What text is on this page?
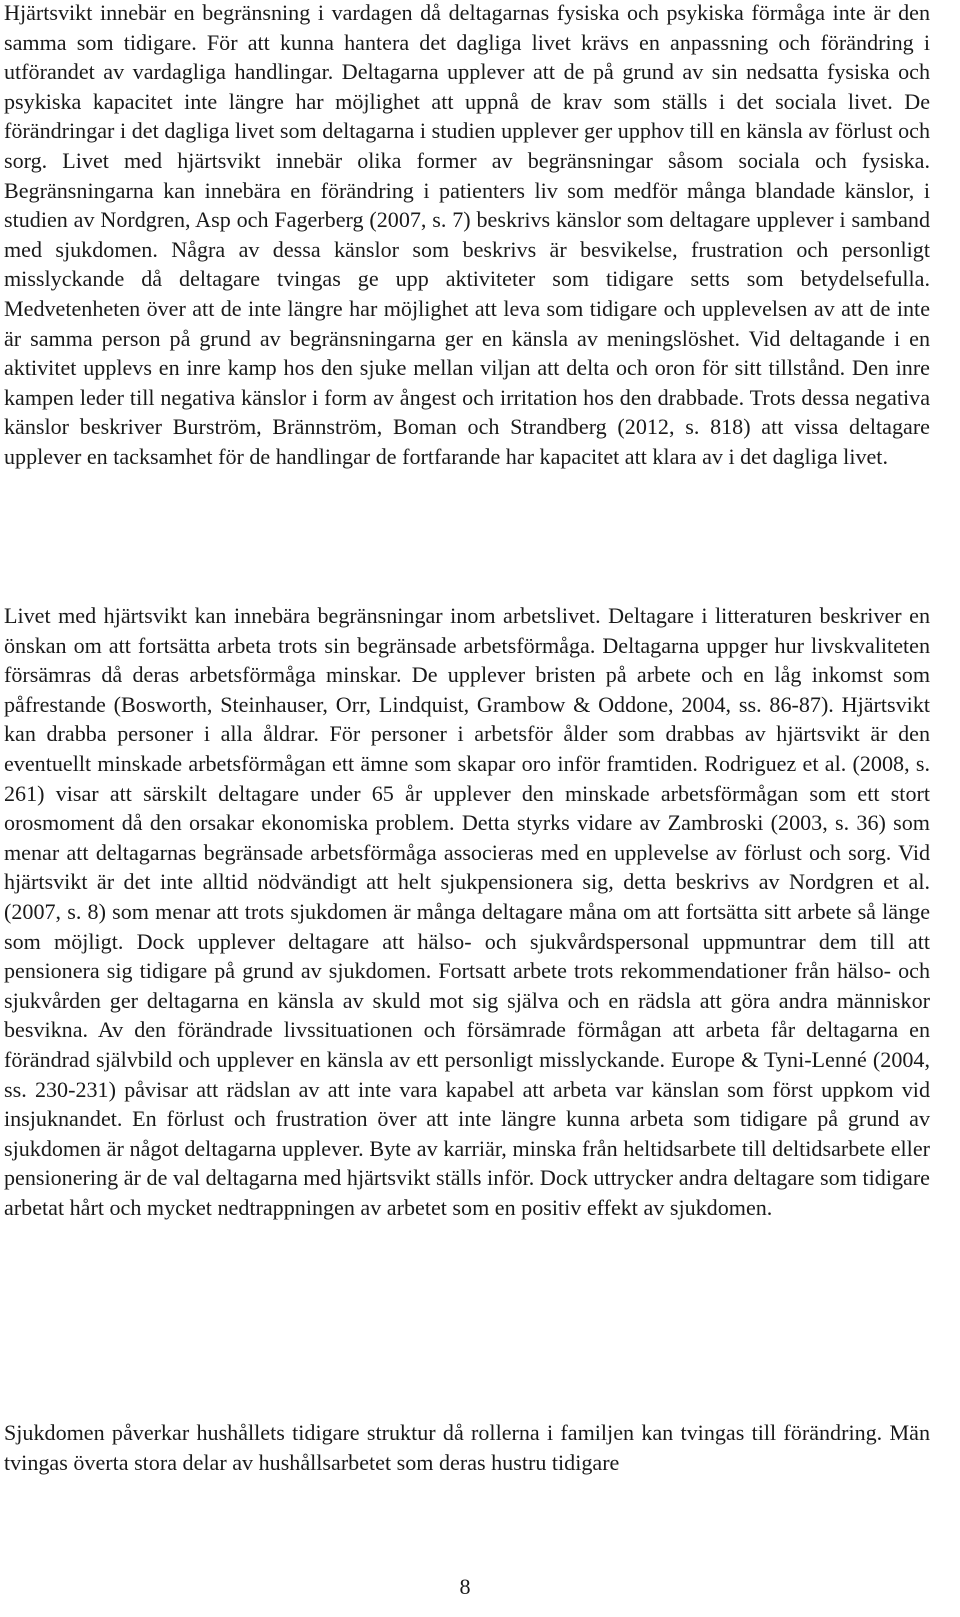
Hjärtsvikt innebär en begränsning i vardagen då deltagarnas fysiska och psykiska förmåga inte är den samma som tidigare. För att kunna hantera det dagliga livet krävs en anpassning och förändring i utförandet av vardagliga handlingar. Deltagarna upplever att de på grund av sin nedsatta fysiska och psykiska kapacitet inte längre har möjlighet att uppnå de krav som ställs i det sociala livet. De förändringar i det dagliga livet som deltagarna i studien upplever ger upphov till en känsla av förlust och sorg. Livet med hjärtsvikt innebär olika former av begränsningar såsom sociala och fysiska. Begränsningarna kan innebära en förändring i patienters liv som medför många blandade känslor, i studien av Nordgren, Asp och Fagerberg (2007, s. 7) beskrivs känslor som deltagare upplever i samband med sjukdomen. Några av dessa känslor som beskrivs är besvikelse, frustration och personligt misslyckande då deltagare tvingas ge upp aktiviteter som tidigare setts som betydelsefulla. Medvetenheten över att de inte längre har möjlighet att leva som tidigare och upplevelsen av att de inte är samma person på grund av begränsningarna ger en känsla av meningslöshet. Vid deltagande i en aktivitet upplevs en inre kamp hos den sjuke mellan viljan att delta och oron för sitt tillstånd. Den inre kampen leder till negativa känslor i form av ångest och irritation hos den drabbade. Trots dessa negativa känslor beskriver Burström, Brännström, Boman och Strandberg (2012, s. 818) att vissa deltagare upplever en tacksamhet för de handlingar de fortfarande har kapacitet att klara av i det dagliga livet.

Livet med hjärtsvikt kan innebära begränsningar inom arbetslivet. Deltagare i litteraturen beskriver en önskan om att fortsätta arbeta trots sin begränsade arbetsförmåga. Deltagarna uppger hur livskvaliteten försämras då deras arbetsförmåga minskar. De upplever bristen på arbete och en låg inkomst som påfrestande (Bosworth, Steinhauser, Orr, Lindquist, Grambow & Oddone, 2004, ss. 86-87). Hjärtsvikt kan drabba personer i alla åldrar. För personer i arbetsför ålder som drabbas av hjärtsvikt är den eventuellt minskade arbetsförmågan ett ämne som skapar oro inför framtiden. Rodriguez et al. (2008, s. 261) visar att särskilt deltagare under 65 år upplever den minskade arbetsförmågan som ett stort orosmoment då den orsakar ekonomiska problem. Detta styrks vidare av Zambroski (2003, s. 36) som menar att deltagarnas begränsade arbetsförmåga associeras med en upplevelse av förlust och sorg. Vid hjärtsvikt är det inte alltid nödvändigt att helt sjukpensionera sig, detta beskrivs av Nordgren et al. (2007, s. 8) som menar att trots sjukdomen är många deltagare måna om att fortsätta sitt arbete så länge som möjligt. Dock upplever deltagare att hälso- och sjukvårdspersonal uppmuntrar dem till att pensionera sig tidigare på grund av sjukdomen. Fortsatt arbete trots rekommendationer från hälso- och sjukvården ger deltagarna en känsla av skuld mot sig själva och en rädsla att göra andra människor besvikna. Av den förändrade livssituationen och försämrade förmågan att arbeta får deltagarna en förändrad självbild och upplever en känsla av ett personligt misslyckande. Europe & Tyni-Lenné (2004, ss. 230-231) påvisar att rädslan av att inte vara kapabel att arbeta var känslan som först uppkom vid insjuknandet. En förlust och frustration över att inte längre kunna arbeta som tidigare på grund av sjukdomen är något deltagarna upplever. Byte av karriär, minska från heltidsarbete till deltidsarbete eller pensionering är de val deltagarna med hjärtsvikt ställs inför. Dock uttrycker andra deltagare som tidigare arbetat hårt och mycket nedtrappningen av arbetet som en positiv effekt av sjukdomen.

Sjukdomen påverkar hushållets tidigare struktur då rollerna i familjen kan tvingas till förändring. Män tvingas överta stora delar av hushållsarbetet som deras hustru tidigare

8
